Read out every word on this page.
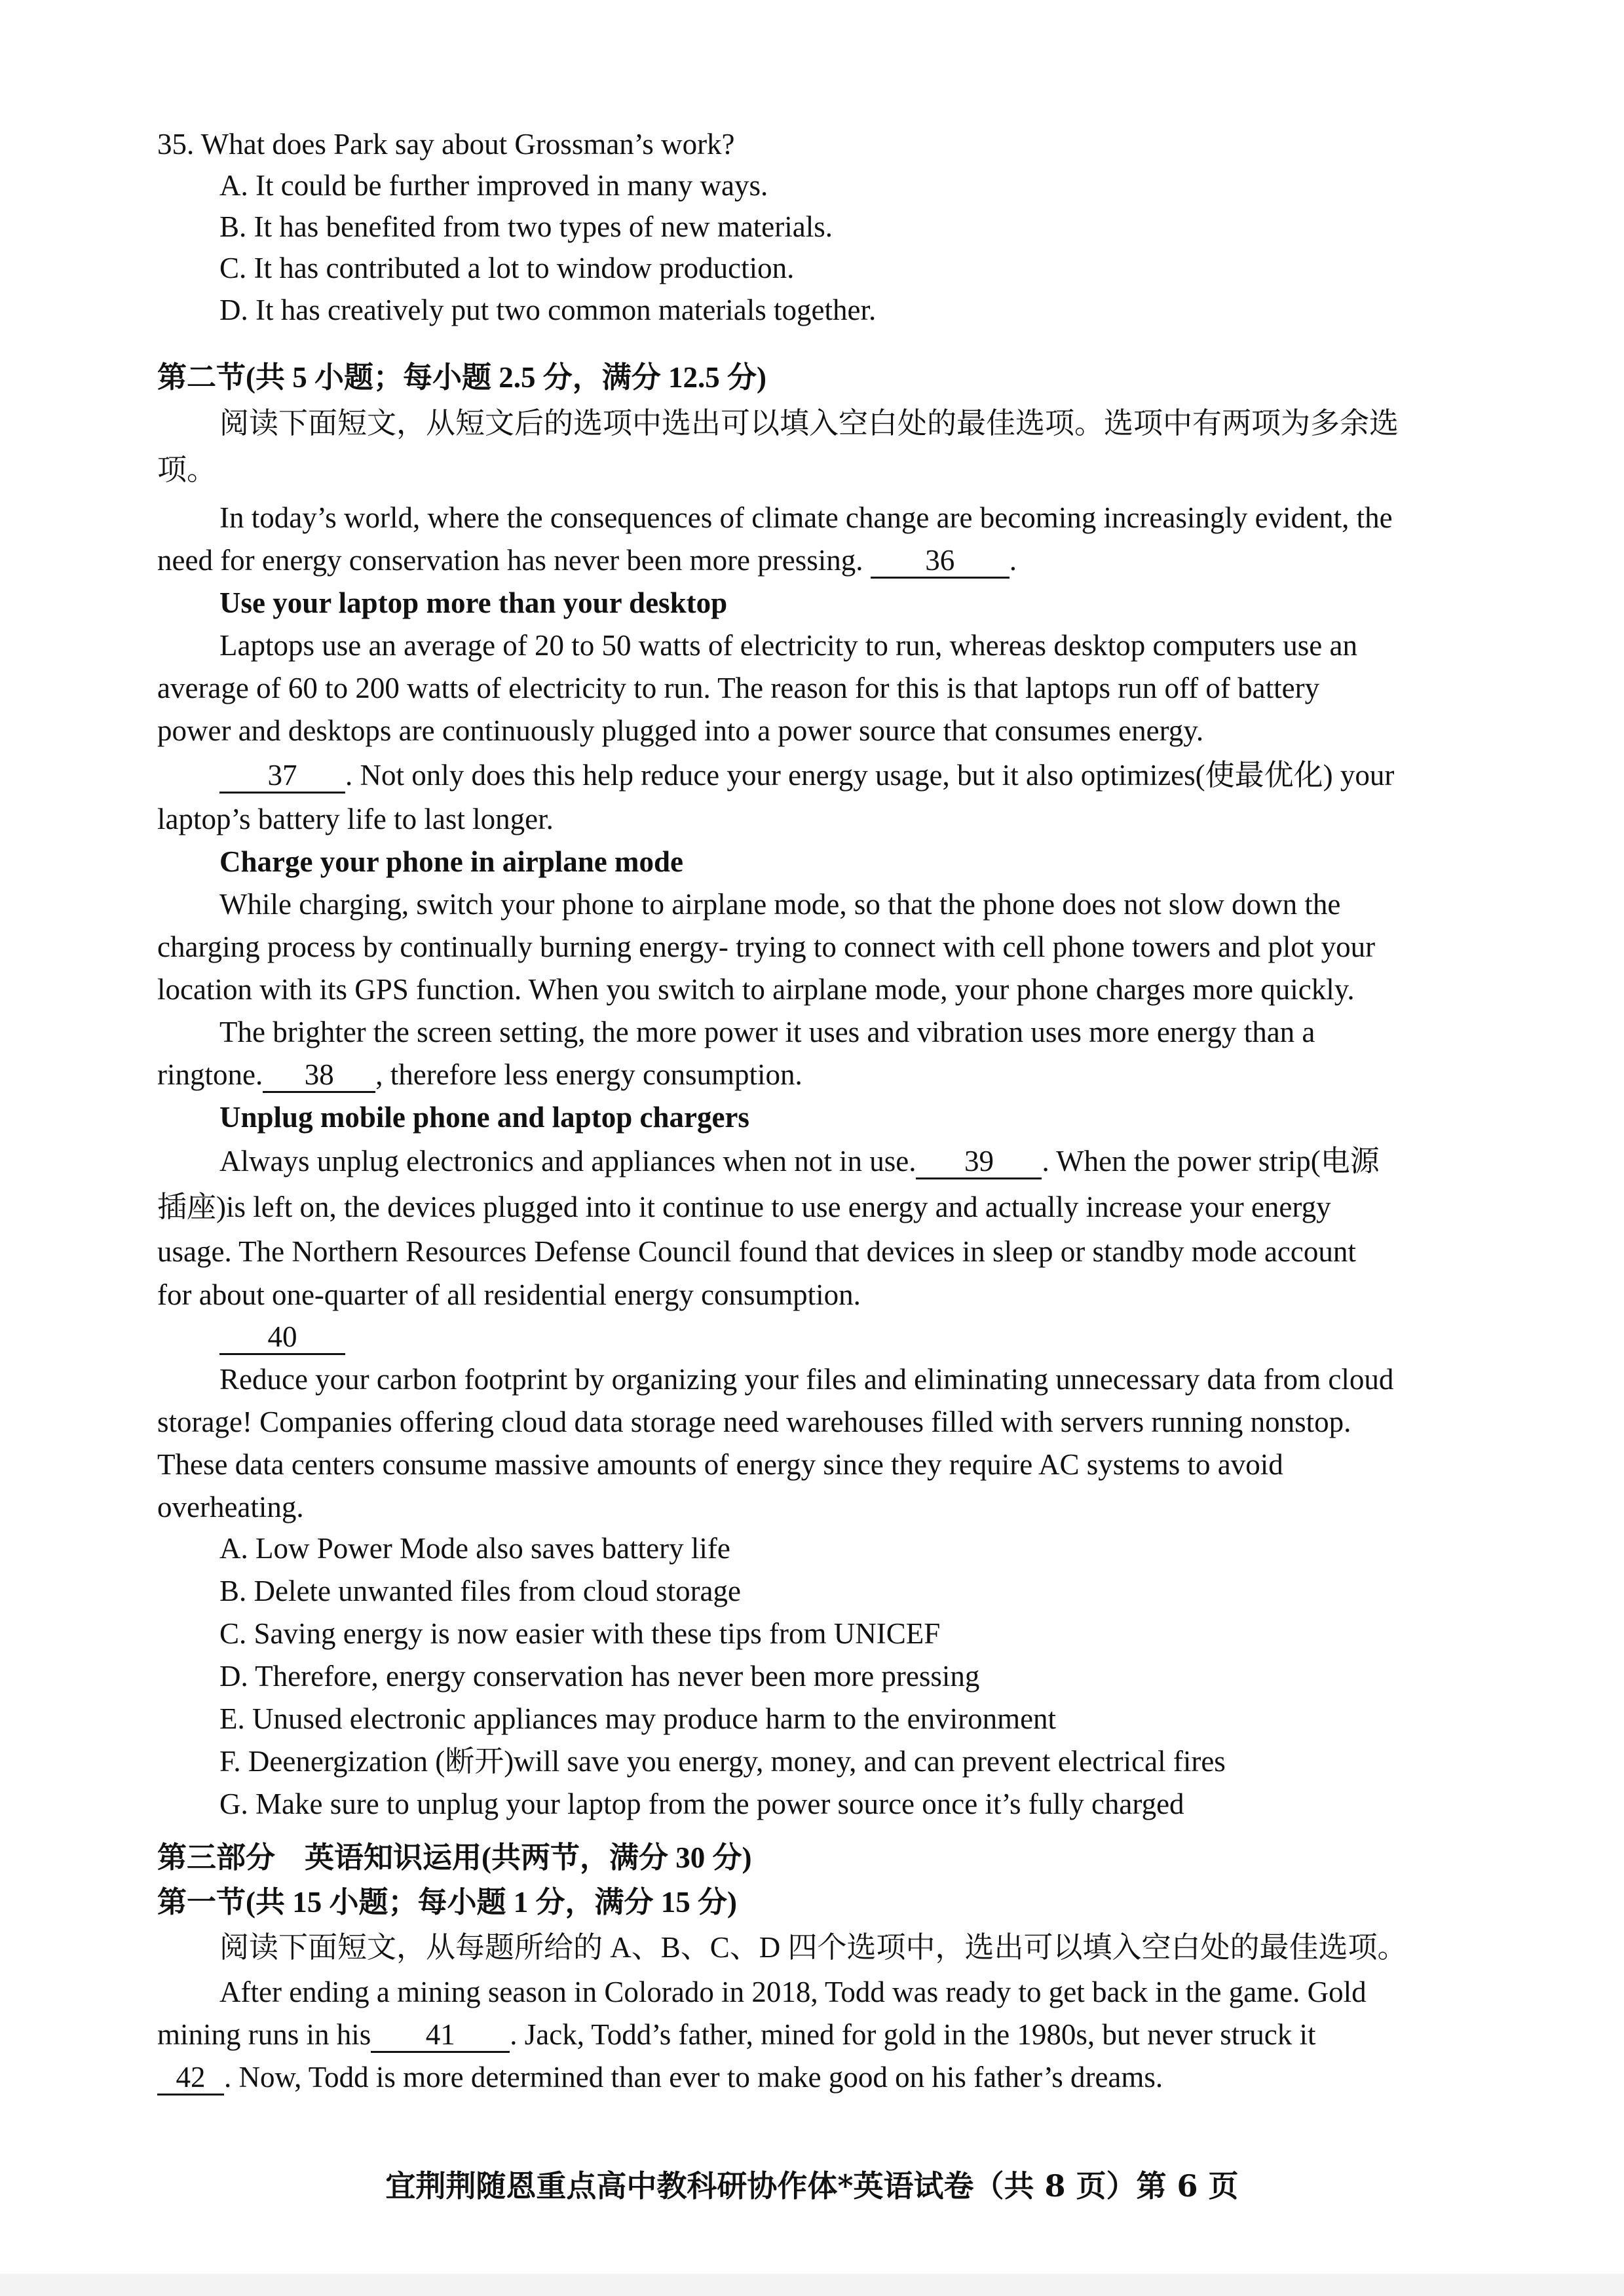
35. What does Park say about Grossman’s work?
A. It could be further improved in many ways.
B. It has benefited from two types of new materials.
C. It has contributed a lot to window production.
D. It has creatively put two common materials together.
第二节(共 5 小题；每小题 2.5 分，满分 12.5 分)
阅读下面短文，从短文后的选项中选出可以填入空白处的最佳选项。选项中有两项为多余选
项。
In today’s world, where the consequences of climate change are becoming increasingly evident, the
need for energy conservation has never been more pressing. 36 .
Use your laptop more than your desktop
Laptops use an average of 20 to 50 watts of electricity to run, whereas desktop computers use an
average of 60 to 200 watts of electricity to run. The reason for this is that laptops run off of battery
power and desktops are continuously plugged into a power source that consumes energy.
37 . Not only does this help reduce your energy usage, but it also optimizes(使最优化) your
laptop’s battery life to last longer.
Charge your phone in airplane mode
While charging, switch your phone to airplane mode, so that the phone does not slow down the
charging process by continually burning energy- trying to connect with cell phone towers and plot your
location with its GPS function. When you switch to airplane mode, your phone charges more quickly.
The brighter the screen setting, the more power it uses and vibration uses more energy than a
ringtone. 38 , therefore less energy consumption.
Unplug mobile phone and laptop chargers
Always unplug electronics and appliances when not in use. 39 . When the power strip(电源
插座)is left on, the devices plugged into it continue to use energy and actually increase your energy
usage. The Northern Resources Defense Council found that devices in sleep or standby mode account
for about one-quarter of all residential energy consumption.
40
Reduce your carbon footprint by organizing your files and eliminating unnecessary data from cloud
storage! Companies offering cloud data storage need warehouses filled with servers running nonstop.
These data centers consume massive amounts of energy since they require AC systems to avoid
overheating.
A. Low Power Mode also saves battery life
B. Delete unwanted files from cloud storage
C. Saving energy is now easier with these tips from UNICEF
D. Therefore, energy conservation has never been more pressing
E. Unused electronic appliances may produce harm to the environment
F. Deenergization (断开)will save you energy, money, and can prevent electrical fires
G. Make sure to unplug your laptop from the power source once it’s fully charged
第三部分　英语知识运用(共两节，满分 30 分)
第一节(共 15 小题；每小题 1 分，满分 15 分)
阅读下面短文，从每题所给的 A、B、C、D 四个选项中，选出可以填入空白处的最佳选项。
After ending a mining season in Colorado in 2018, Todd was ready to get back in the game. Gold
mining runs in his 41 . Jack, Todd’s father, mined for gold in the 1980s, but never struck it
42 . Now, Todd is more determined than ever to make good on his father’s dreams.
宜荆荆随恩重点高中教科研协作体*英语试卷（共 8 页）第 6 页
